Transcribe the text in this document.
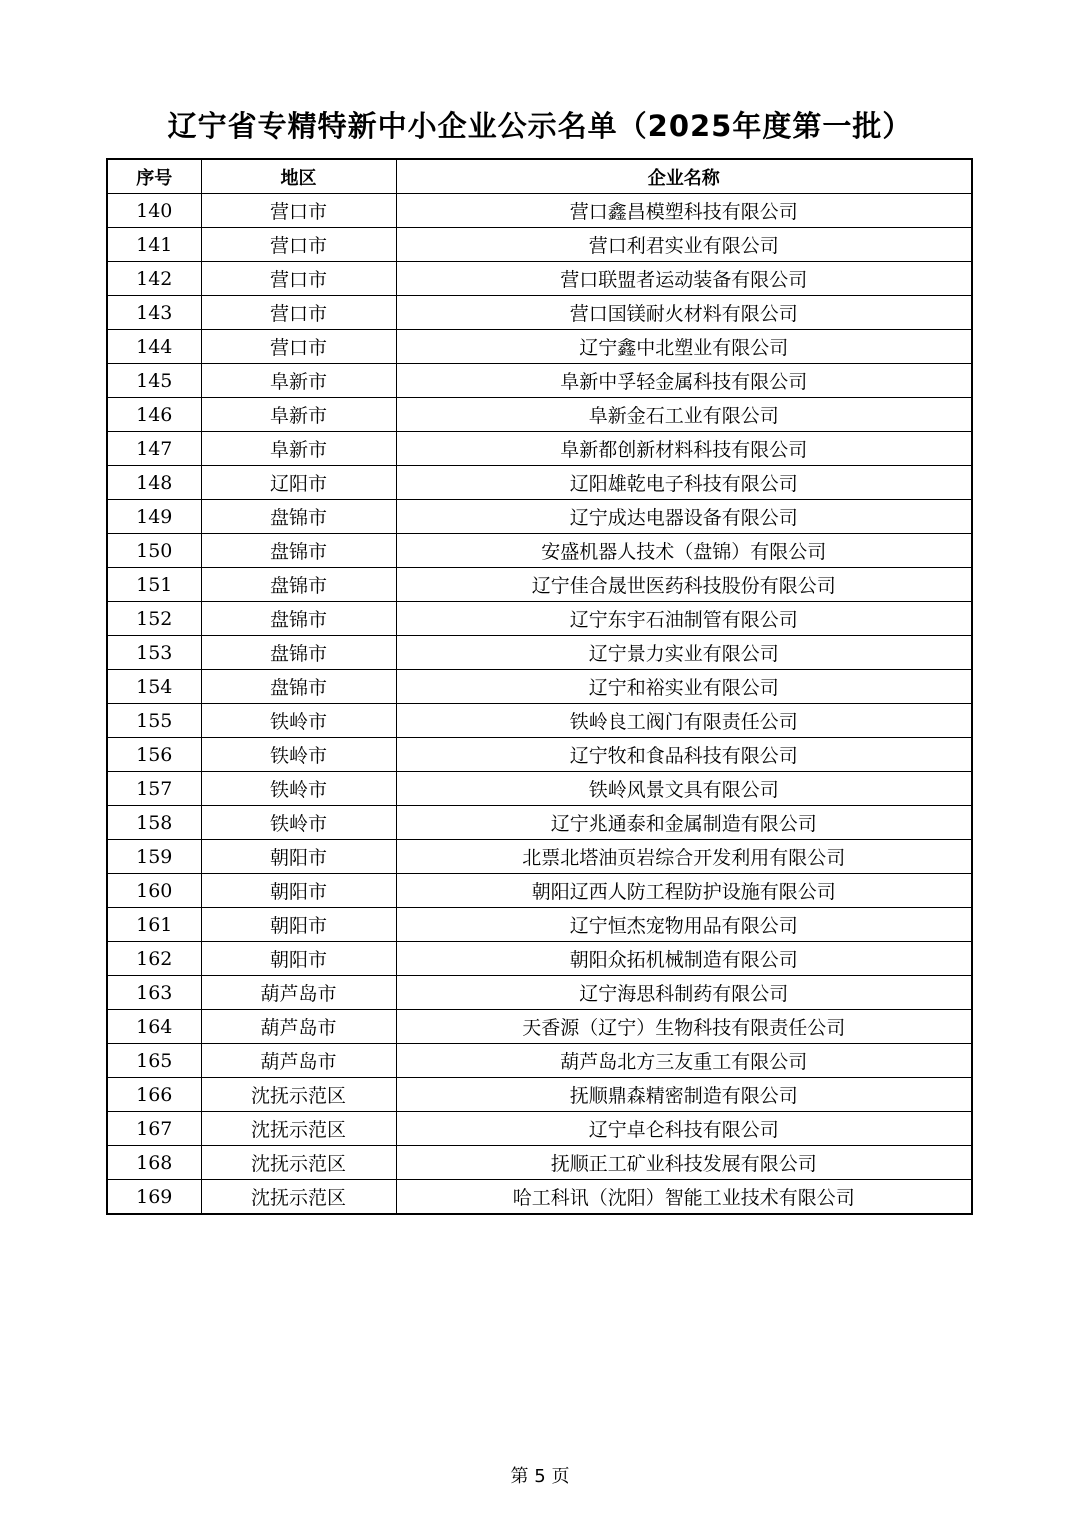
辽宁省专精特新中小企业公示名单（2025年度第一批）
序号	地区	企业名称
140	营口市	营口鑫昌模塑科技有限公司
141	营口市	营口利君实业有限公司
142	营口市	营口联盟者运动装备有限公司
143	营口市	营口国镁耐火材料有限公司
144	营口市	辽宁鑫中北塑业有限公司
145	阜新市	阜新中孚轻金属科技有限公司
146	阜新市	阜新金石工业有限公司
147	阜新市	阜新都创新材料科技有限公司
148	辽阳市	辽阳雄乾电子科技有限公司
149	盘锦市	辽宁成达电器设备有限公司
150	盘锦市	安盛机器人技术（盘锦）有限公司
151	盘锦市	辽宁佳合晟世医药科技股份有限公司
152	盘锦市	辽宁东宇石油制管有限公司
153	盘锦市	辽宁景力实业有限公司
154	盘锦市	辽宁和裕实业有限公司
155	铁岭市	铁岭良工阀门有限责任公司
156	铁岭市	辽宁牧和食品科技有限公司
157	铁岭市	铁岭风景文具有限公司
158	铁岭市	辽宁兆通泰和金属制造有限公司
159	朝阳市	北票北塔油页岩综合开发利用有限公司
160	朝阳市	朝阳辽西人防工程防护设施有限公司
161	朝阳市	辽宁恒杰宠物用品有限公司
162	朝阳市	朝阳众拓机械制造有限公司
163	葫芦岛市	辽宁海思科制药有限公司
164	葫芦岛市	天香源（辽宁）生物科技有限责任公司
165	葫芦岛市	葫芦岛北方三友重工有限公司
166	沈抚示范区	抚顺鼎森精密制造有限公司
167	沈抚示范区	辽宁卓仑科技有限公司
168	沈抚示范区	抚顺正工矿业科技发展有限公司
169	沈抚示范区	哈工科讯（沈阳）智能工业技术有限公司
第 5 页
